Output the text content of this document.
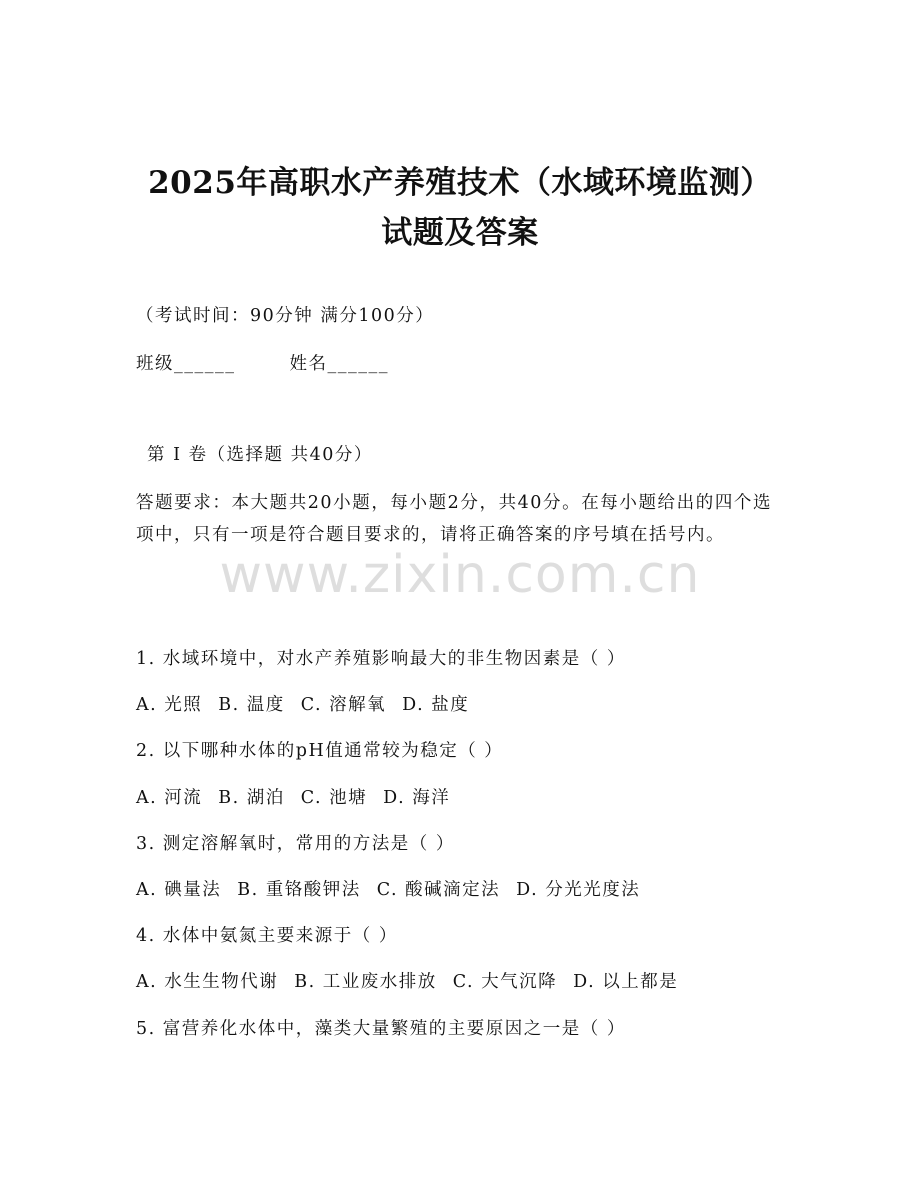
2025年高职水产养殖技术（水域环境监测）
试题及答案
（考试时间：90分钟 满分100分）
班级______	姓名______
第 I 卷（选择题 共40分）
答题要求：本大题共20小题，每小题2分，共40分。在每小题给出的四个选项中，只有一项是符合题目要求的，请将正确答案的序号填在括号内。
www.zixin.com.cn
1. 水域环境中，对水产养殖影响最大的非生物因素是（ ）
A. 光照 B. 温度 C. 溶解氧 D. 盐度
2. 以下哪种水体的pH值通常较为稳定（ ）
A. 河流 B. 湖泊 C. 池塘 D. 海洋
3. 测定溶解氧时，常用的方法是（ ）
A. 碘量法 B. 重铬酸钾法 C. 酸碱滴定法 D. 分光光度法
4. 水体中氨氮主要来源于（ ）
A. 水生生物代谢 B. 工业废水排放 C. 大气沉降 D. 以上都是
5. 富营养化水体中，藻类大量繁殖的主要原因之一是（ ）
